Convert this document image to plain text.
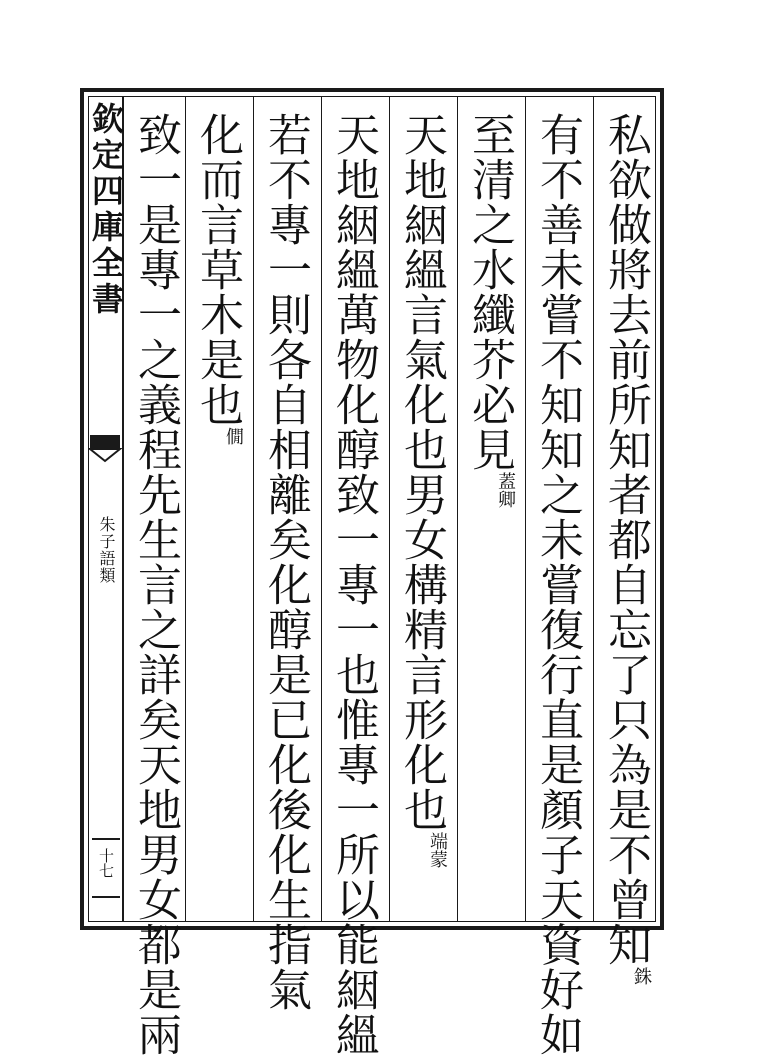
欽定四庫全書
朱子語類
十七	私欲做將去前所知者都自忘了只為是不曾知$^銖$
有不善未嘗不知知之未嘗復行直是顏子天資好如
至清之水纖芥必見$^{蓋卿}$
天地絪縕言氣化也男女構精言形化也$^{端蒙}$
天地絪縕萬物化醇致一專一也惟專一所以能絪縕
若不專一則各自相離矣化醇是已化後化生指氣
化而言草木是也$^僩$
致一是專一之義程先生言之詳矣天地男女都是兩
